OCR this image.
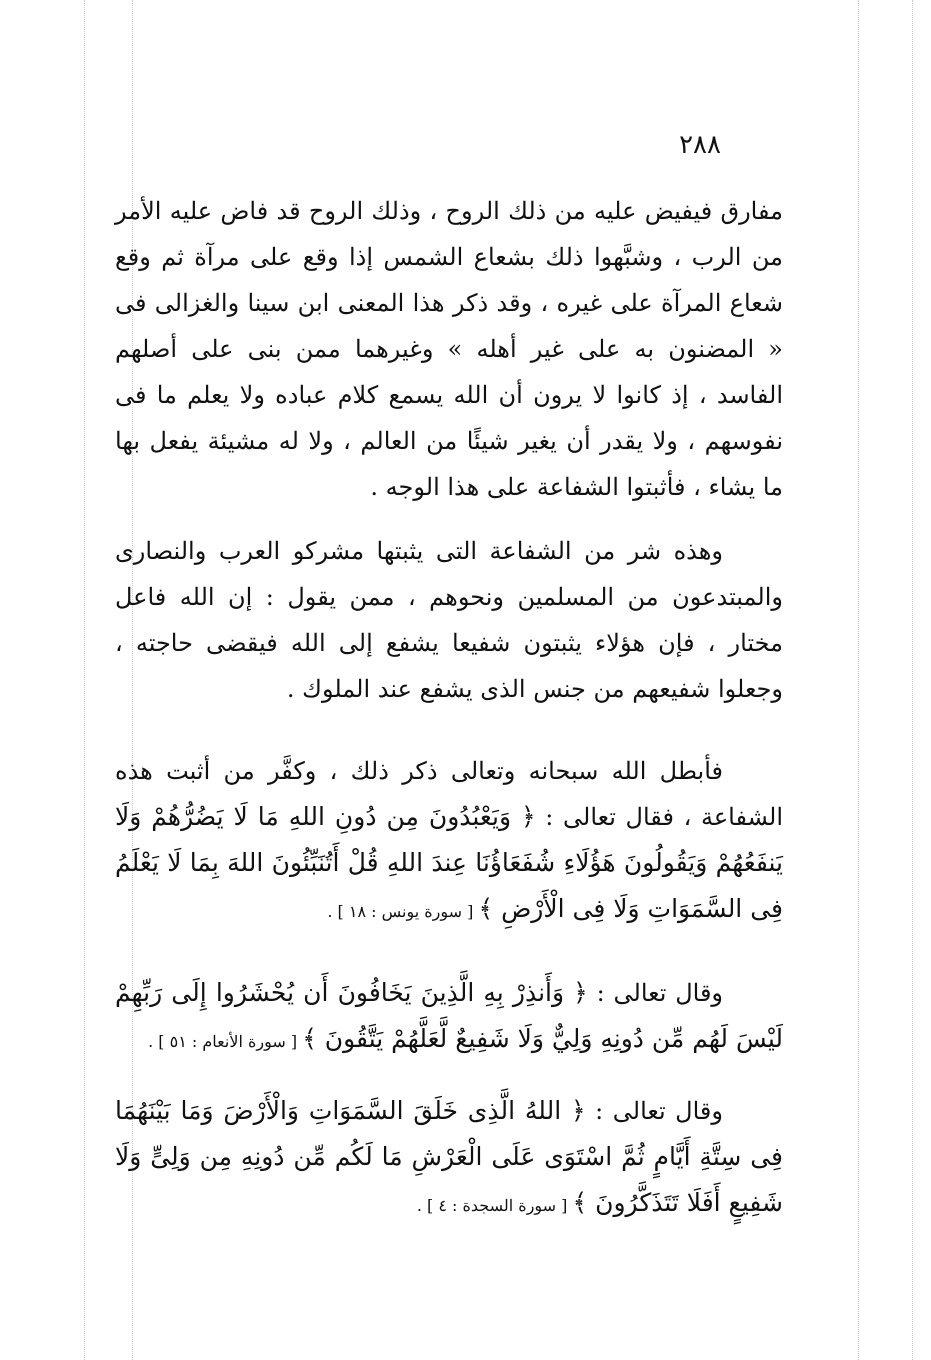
٢٨٨

مفارق فيفيض عليه من ذلك الروح ، وذلك الروح قد فاض عليه الأمر من الرب ، وشبَّهوا ذلك بشعاع الشمس إذا وقع على مرآة ثم وقع شعاع المرآة على غيره ، وقد ذكر هذا المعنى ابن سينا والغزالى فى « المضنون به على غير أهله » وغيرهما ممن بنى على أصلهم الفاسد ، إذ كانوا لا يرون أن الله يسمع كلام عباده ولا يعلم ما فى نفوسهم ، ولا يقدر أن يغير شيئًا من العالم ، ولا له مشيئة يفعل بها ما يشاء ، فأثبتوا الشفاعة على هذا الوجه .

وهذه شر من الشفاعة التى يثبتها مشركو العرب والنصارى والمبتدعون من المسلمين ونحوهم ، ممن يقول : إن الله فاعل مختار ، فإن هؤلاء يثبتون شفيعا يشفع إلى الله فيقضى حاجته ، وجعلوا شفيعهم من جنس الذى يشفع عند الملوك .

فأبطل الله سبحانه وتعالى ذكر ذلك ، وكفَّر من أثبت هذه الشفاعة ، فقال تعالى : ﴿ وَيَعْبُدُونَ مِن دُونِ اللهِ مَا لَا يَضُرُّهُمْ وَلَا يَنفَعُهُمْ وَيَقُولُونَ هَؤُلَاءِ شُفَعَاؤُنَا عِندَ اللهِ قُلْ أَتُنَبِّئُونَ اللهَ بِمَا لَا يَعْلَمُ فِى السَّمَوَاتِ وَلَا فِى الْأَرْضِ ﴾ [ سورة يونس : ١٨ ] .

وقال تعالى : ﴿ وَأَنذِرْ بِهِ الَّذِينَ يَخَافُونَ أَن يُحْشَرُوا إِلَى رَبِّهِمْ لَيْسَ لَهُم مِّن دُونِهِ وَلِيٌّ وَلَا شَفِيعٌ لَّعَلَّهُمْ يَتَّقُونَ ﴾ [ سورة الأنعام : ٥١ ] .

وقال تعالى : ﴿ اللهُ الَّذِى خَلَقَ السَّمَوَاتِ وَالْأَرْضَ وَمَا بَيْنَهُمَا فِى سِتَّةِ أَيَّامٍ ثُمَّ اسْتَوَى عَلَى الْعَرْشِ مَا لَكُم مِّن دُونِهِ مِن وَلِىٍّ وَلَا شَفِيعٍ أَفَلَا تَتَذَكَّرُونَ ﴾ [ سورة السجدة : ٤ ] .
